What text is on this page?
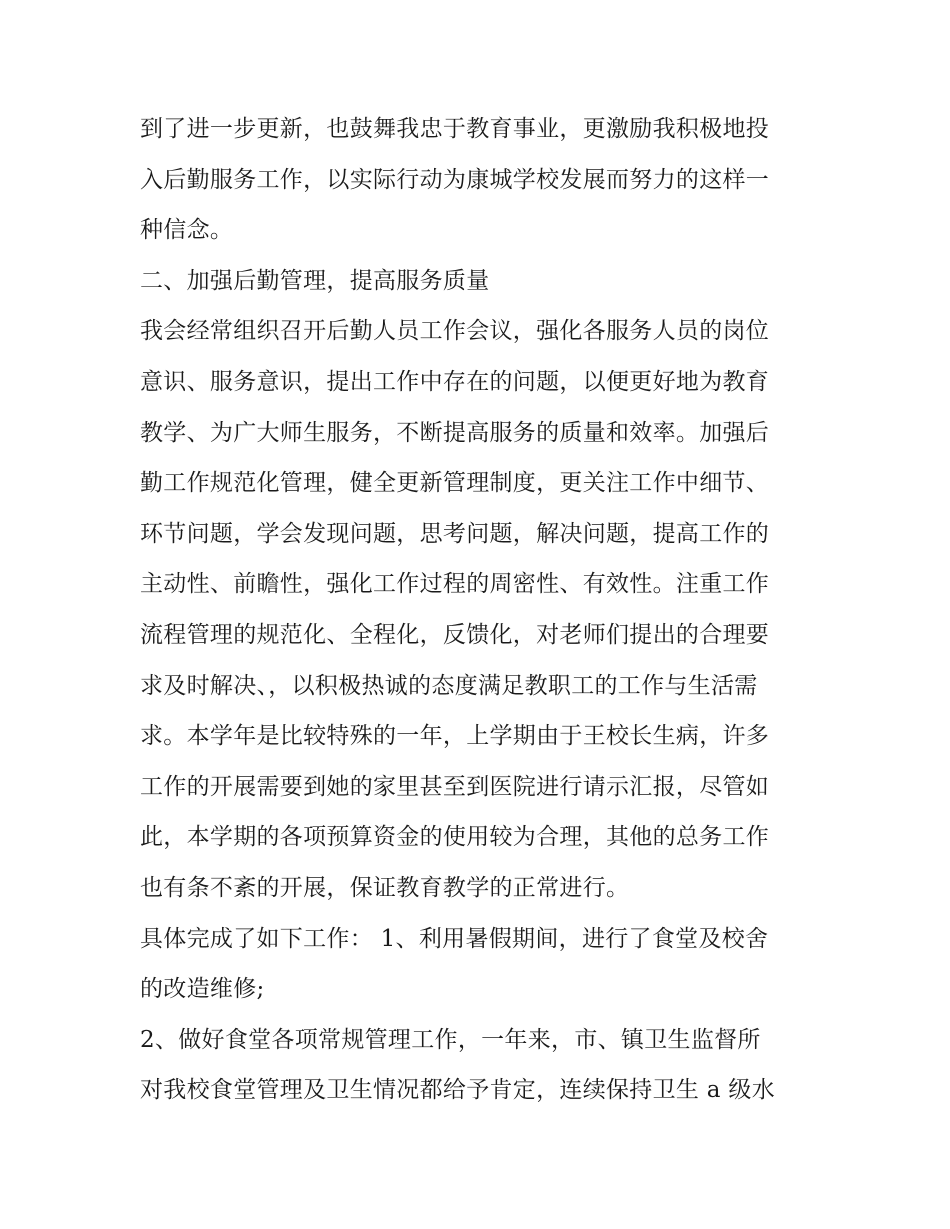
到了进一步更新，也鼓舞我忠于教育事业，更激励我积极地投
入后勤服务工作，以实际行动为康城学校发展而努力的这样一
种信念。
二、加强后勤管理，提高服务质量
我会经常组织召开后勤人员工作会议，强化各服务人员的岗位
意识、服务意识，提出工作中存在的问题，以便更好地为教育
教学、为广大师生服务，不断提高服务的质量和效率。加强后
勤工作规范化管理，健全更新管理制度，更关注工作中细节、
环节问题，学会发现问题，思考问题，解决问题，提高工作的
主动性、前瞻性，强化工作过程的周密性、有效性。注重工作
流程管理的规范化、全程化，反馈化，对老师们提出的合理要
求及时解决、，以积极热诚的态度满足教职工的工作与生活需
求。本学年是比较特殊的一年，上学期由于王校长生病，许多
工作的开展需要到她的家里甚至到医院进行请示汇报，尽管如
此，本学期的各项预算资金的使用较为合理，其他的总务工作
也有条不紊的开展，保证教育教学的正常进行。
具体完成了如下工作： 1、利用暑假期间，进行了食堂及校舍
的改造维修;
2、做好食堂各项常规管理工作，一年来，市、镇卫生监督所
对我校食堂管理及卫生情况都给予肯定，连续保持卫生 a 级水
